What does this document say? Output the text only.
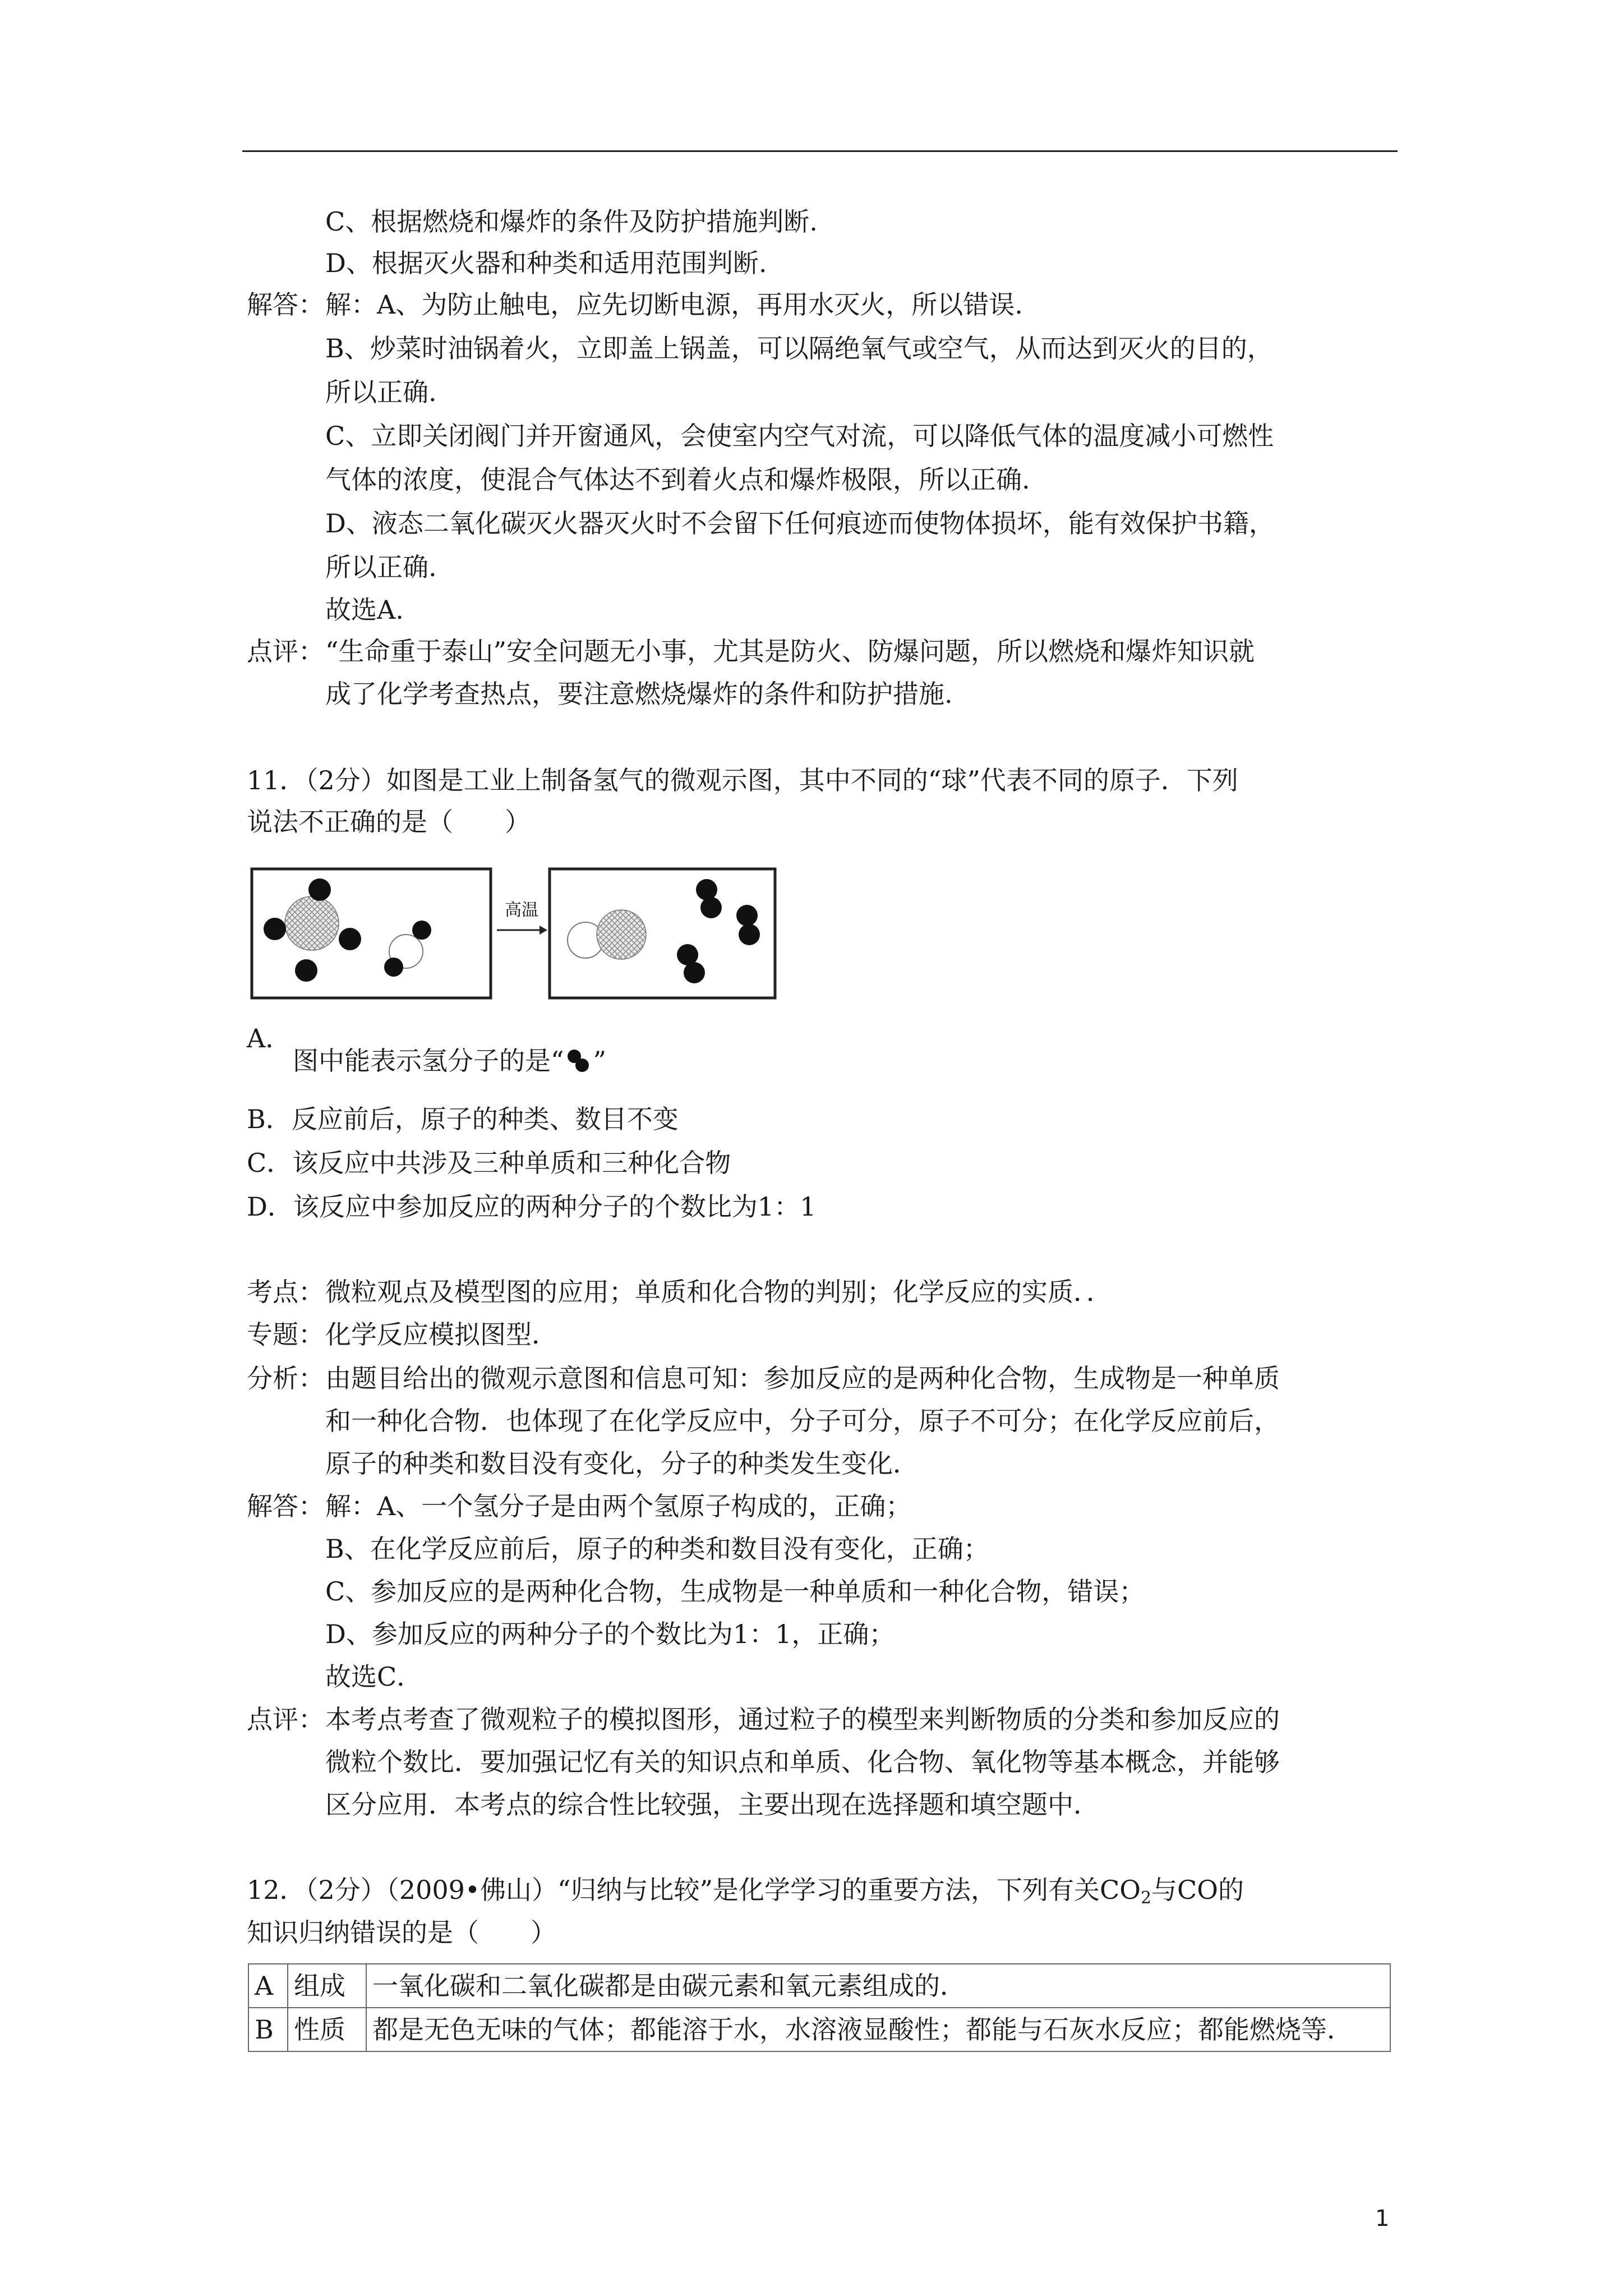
C、根据燃烧和爆炸的条件及防护措施判断.
D、根据灭火器和种类和适用范围判断.
解答： 解：A、为防止触电，应先切断电源，再用水灭火，所以错误.
B、炒菜时油锅着火，立即盖上锅盖，可以隔绝氧气或空气，从而达到灭火的目的，
所以正确.
C、立即关闭阀门并开窗通风，会使室内空气对流，可以降低气体的温度减小可燃性
气体的浓度，使混合气体达不到着火点和爆炸极限，所以正确.
D、液态二氧化碳灭火器灭火时不会留下任何痕迹而使物体损坏，能有效保护书籍，
所以正确.
故选A.
点评： “生命重于泰山”安全问题无小事，尤其是防火、防爆问题，所以燃烧和爆炸知识就
成了化学考查热点，要注意燃烧爆炸的条件和防护措施.
11．（2分）如图是工业上制备氢气的微观示图，其中不同的“球”代表不同的原子．下列
说法不正确的是（　　）
高温
A．
图中能表示氢分子的是“ ”
B．反应前后，原子的种类、数目不变
C．该反应中共涉及三种单质和三种化合物
D．该反应中参加反应的两种分子的个数比为1：1
考点： 微粒观点及模型图的应用；单质和化合物的判别；化学反应的实质．．
专题： 化学反应模拟图型．
分析： 由题目给出的微观示意图和信息可知：参加反应的是两种化合物，生成物是一种单质
和一种化合物．也体现了在化学反应中，分子可分，原子不可分；在化学反应前后，
原子的种类和数目没有变化，分子的种类发生变化．
解答： 解：A、一个氢分子是由两个氢原子构成的，正确；
B、在化学反应前后，原子的种类和数目没有变化，正确；
C、参加反应的是两种化合物，生成物是一种单质和一种化合物，错误；
D、参加反应的两种分子的个数比为1：1，正确；
故选C．
点评： 本考点考查了微观粒子的模拟图形，通过粒子的模型来判断物质的分类和参加反应的
微粒个数比．要加强记忆有关的知识点和单质、化合物、氧化物等基本概念，并能够
区分应用．本考点的综合性比较强，主要出现在选择题和填空题中．
12．（2分）（2009•佛山）“归纳与比较”是化学学习的重要方法，下列有关$CO_2$与CO的
知识归纳错误的是（　　）
A	组成	一氧化碳和二氧化碳都是由碳元素和氧元素组成的．
B	性质	都是无色无味的气体；都能溶于水，水溶液显酸性；都能与石灰水反应；都能燃烧等．
1
